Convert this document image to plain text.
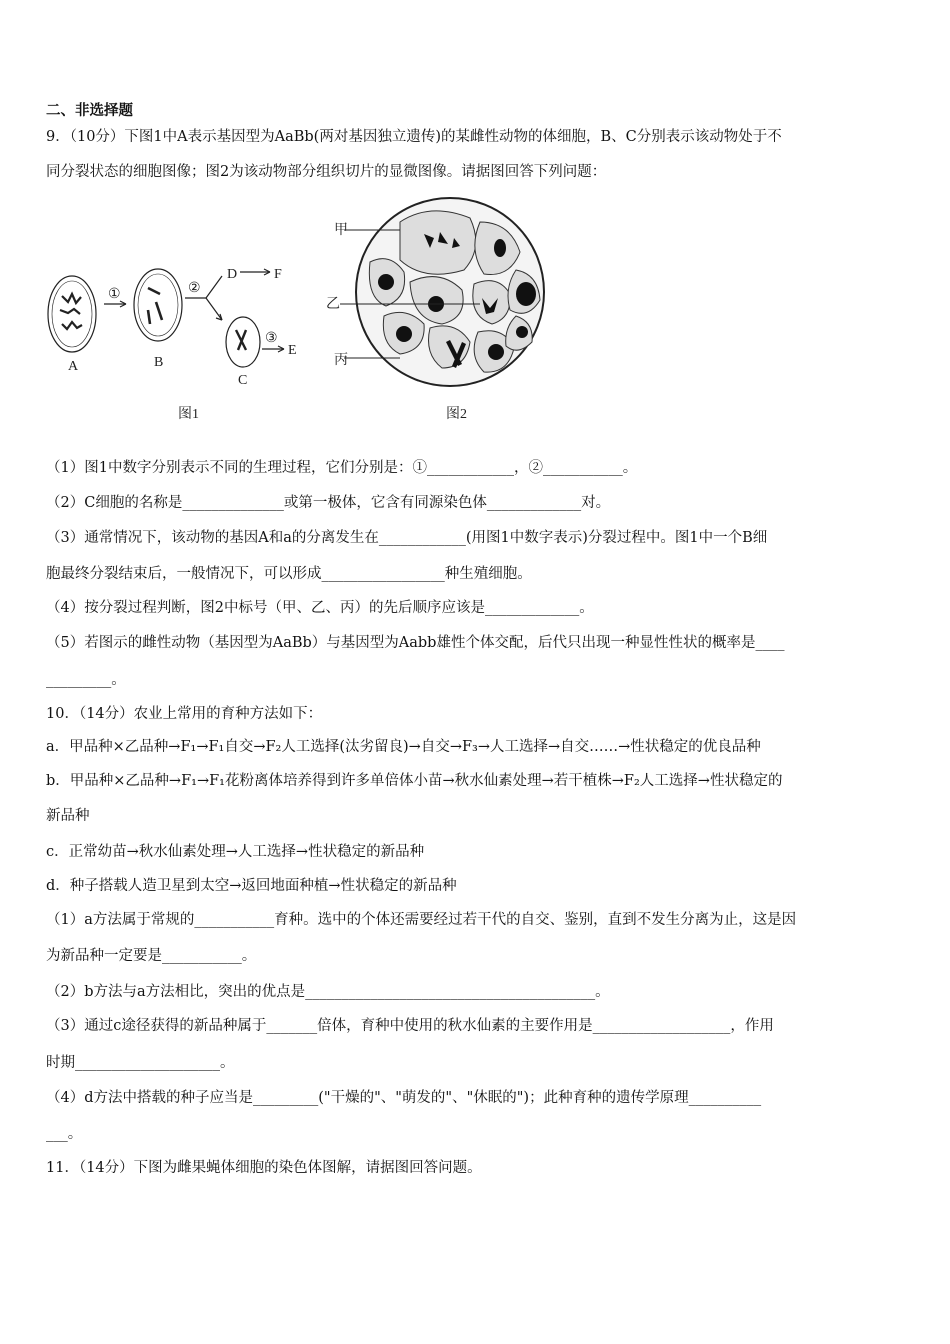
二、非选择题
9．（10分）下图1中A表示基因型为AaBb(两对基因独立遗传)的某雌性动物的体细胞，B、C分别表示该动物处于不
同分裂状态的细胞图像；图2为该动物部分组织切片的显微图像。请据图回答下列问题：
A	B
C
D	F
E
①	②
③
图1	图2
甲
乙
丙
（1）图1中数字分别表示不同的生理过程，它们分别是：①____________，②___________。
（2）C细胞的名称是______________或第一极体，它含有同源染色体_____________对。
（3）通常情况下，该动物的基因A和a的分离发生在____________(用图1中数字表示)分裂过程中。图1中一个B细
胞最终分裂结束后，一般情况下，可以形成_________________种生殖细胞。
（4）按分裂过程判断，图2中标号（甲、乙、丙）的先后顺序应该是_____________。
（5）若图示的雌性动物（基因型为AaBb）与基因型为Aabb雄性个体交配，后代只出现一种显性性状的概率是____
_________。
10．（14分）农业上常用的育种方法如下：
a．甲品种×乙品种→F₁→F₁自交→F₂人工选择(汰劣留良)→自交→F₃→人工选择→自交……→性状稳定的优良品种
b．甲品种×乙品种→F₁→F₁花粉离体培养得到许多单倍体小苗→秋水仙素处理→若干植株→F₂人工选择→性状稳定的
新品种
c．正常幼苗→秋水仙素处理→人工选择→性状稳定的新品种
d．种子搭载人造卫星到太空→返回地面种植→性状稳定的新品种
（1）a方法属于常规的___________育种。选中的个体还需要经过若干代的自交、鉴别，直到不发生分离为止，这是因
为新品种一定要是___________。
（2）b方法与a方法相比，突出的优点是________________________________________。
（3）通过c途径获得的新品种属于_______倍体，育种中使用的秋水仙素的主要作用是___________________，作用
时期____________________。
（4）d方法中搭载的种子应当是_________("干燥的"、"萌发的"、"休眠的")；此种育种的遗传学原理__________
___。
11．（14分）下图为雌果蝇体细胞的染色体图解，请据图回答问题。
